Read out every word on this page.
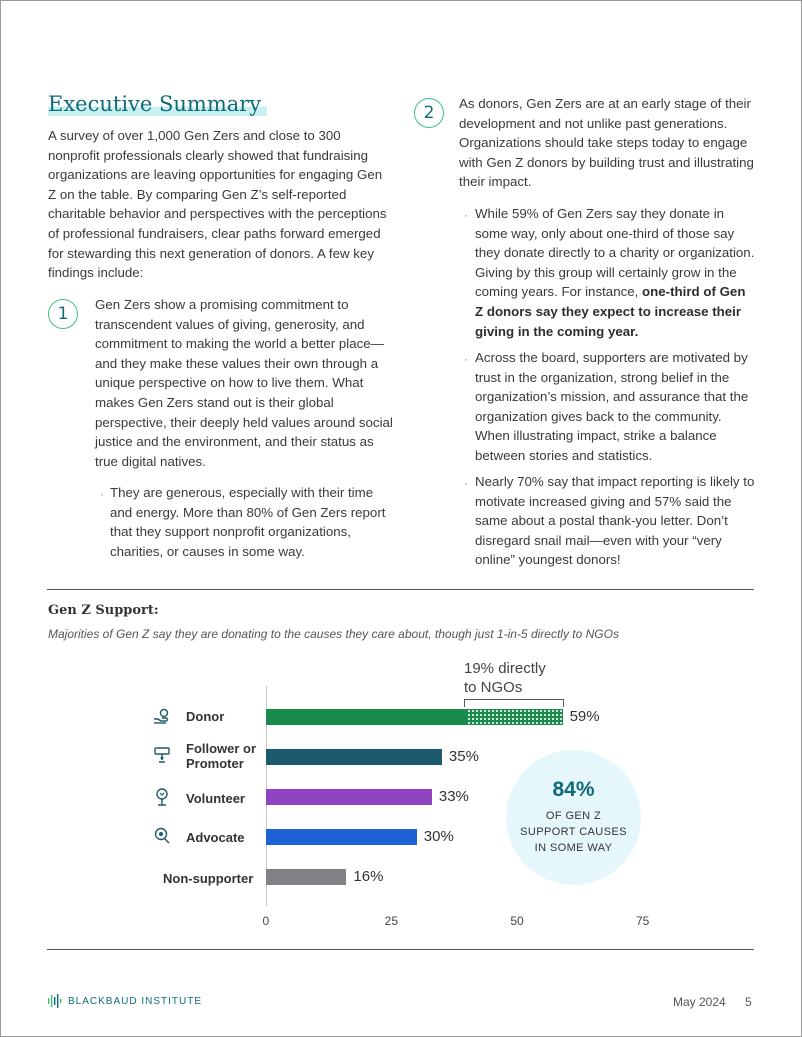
Executive Summary
A survey of over 1,000 Gen Zers and close to 300 nonprofit professionals clearly showed that fundraising organizations are leaving opportunities for engaging Gen Z on the table. By comparing Gen Z’s self-reported charitable behavior and perspectives with the perceptions of professional fundraisers, clear paths forward emerged for stewarding this next generation of donors. A few key findings include:
1	Gen Zers show a promising commitment to transcendent values of giving, generosity, and commitment to making the world a better place—and they make these values their own through a unique perspective on how to live them. What makes Gen Zers stand out is their global perspective, their deeply held values around social justice and the environment, and their status as true digital natives.
· They are generous, especially with their time and energy. More than 80% of Gen Zers report that they support nonprofit organizations, charities, or causes in some way.
2	As donors, Gen Zers are at an early stage of their development and not unlike past generations. Organizations should take steps today to engage with Gen Z donors by building trust and illustrating their impact.
· While 59% of Gen Zers say they donate in some way, only about one-third of those say they donate directly to a charity or organization. Giving by this group will certainly grow in the coming years. For instance, one-third of Gen Z donors say they expect to increase their giving in the coming year.
· Across the board, supporters are motivated by trust in the organization, strong belief in the organization’s mission, and assurance that the organization gives back to the community. When illustrating impact, strike a balance between stories and statistics.
· Nearly 70% say that impact reporting is likely to motivate increased giving and 57% said the same about a postal thank-you letter. Don’t disregard snail mail—even with your “very online” youngest donors!
Gen Z Support:
Majorities of Gen Z say they are donating to the causes they care about, though just 1-in-5 directly to NGOs
19% directly to NGOs
59%
Donor
35%
Follower or Promoter
33%
Volunteer
30%
Advocate
16%
Non-supporter
0	25	50	75
84%
OF GEN Z SUPPORT CAUSES IN SOME WAY
BLACKBAUD INSTITUTE	May 2024 5
